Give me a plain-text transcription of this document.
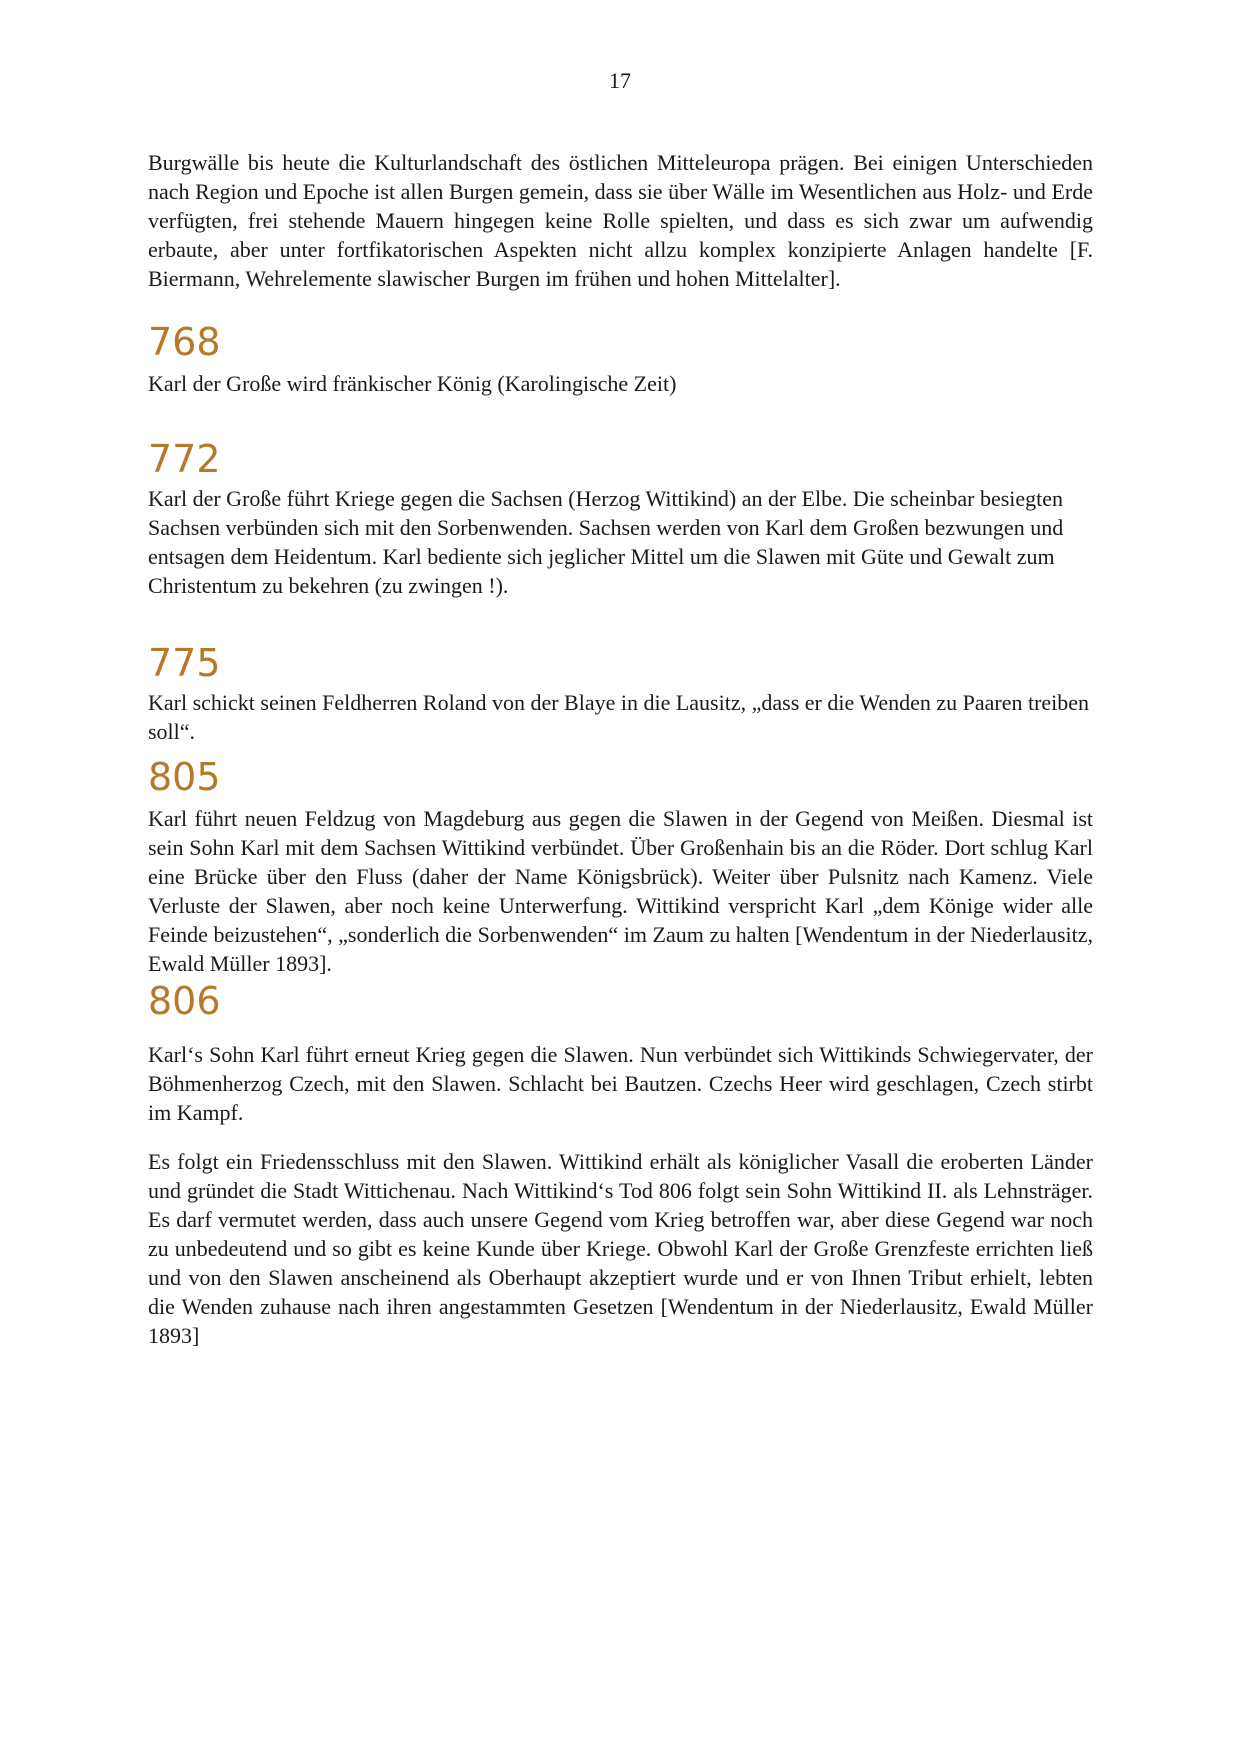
17

Burgwälle bis heute die Kulturlandschaft des östlichen Mitteleuropa prägen. Bei einigen Unterschieden nach Region und Epoche ist allen Burgen gemein, dass sie über Wälle im Wesentlichen aus Holz- und Erde verfügten, frei stehende Mauern hingegen keine Rolle spielten, und dass es sich zwar um aufwendig erbaute, aber unter fortfikatorischen Aspekten nicht allzu komplex konzipierte Anlagen handelte [F. Biermann, Wehrelemente slawischer Burgen im frühen und hohen Mittelalter].

768

Karl der Große wird fränkischer König (Karolingische Zeit)

772

Karl der Große führt Kriege gegen die Sachsen (Herzog Wittikind) an der Elbe. Die scheinbar besiegten Sachsen verbünden sich mit den Sorbenwenden. Sachsen werden von Karl dem Großen bezwungen und entsagen dem Heidentum. Karl bediente sich jeglicher Mittel um die Slawen mit Güte und Gewalt zum Christentum zu bekehren (zu zwingen !).

775

Karl schickt seinen Feldherren Roland von der Blaye in die Lausitz, „dass er die Wenden zu Paaren treiben soll“.

805

Karl führt neuen Feldzug von Magdeburg aus gegen die Slawen in der Gegend von Meißen. Diesmal ist sein Sohn Karl mit dem Sachsen Wittikind verbündet. Über Großenhain bis an die Röder. Dort schlug Karl eine Brücke über den Fluss (daher der Name Königsbrück). Weiter über Pulsnitz nach Kamenz. Viele Verluste der Slawen, aber noch keine Unterwerfung. Wittikind verspricht Karl „dem Könige wider alle Feinde beizustehen“, „sonderlich die Sorbenwenden“ im Zaum zu halten [Wendentum in der Niederlausitz, Ewald Müller 1893].

806

Karl‘s Sohn Karl führt erneut Krieg gegen die Slawen. Nun verbündet sich Wittikinds Schwiegervater, der Böhmenherzog Czech, mit den Slawen. Schlacht bei Bautzen. Czechs Heer wird geschlagen, Czech stirbt im Kampf.

Es folgt ein Friedensschluss mit den Slawen. Wittikind erhält als königlicher Vasall die eroberten Länder und gründet die Stadt Wittichenau. Nach Wittikind‘s Tod 806 folgt sein Sohn Wittikind II. als Lehnsträger. Es darf vermutet werden, dass auch unsere Gegend vom Krieg betroffen war, aber diese Gegend war noch zu unbedeutend und so gibt es keine Kunde über Kriege. Obwohl Karl der Große Grenzfeste errichten ließ und von den Slawen anscheinend als Oberhaupt akzeptiert wurde und er von Ihnen Tribut erhielt, lebten die Wenden zuhause nach ihren angestammten Gesetzen [Wendentum in der Niederlausitz, Ewald Müller 1893]
